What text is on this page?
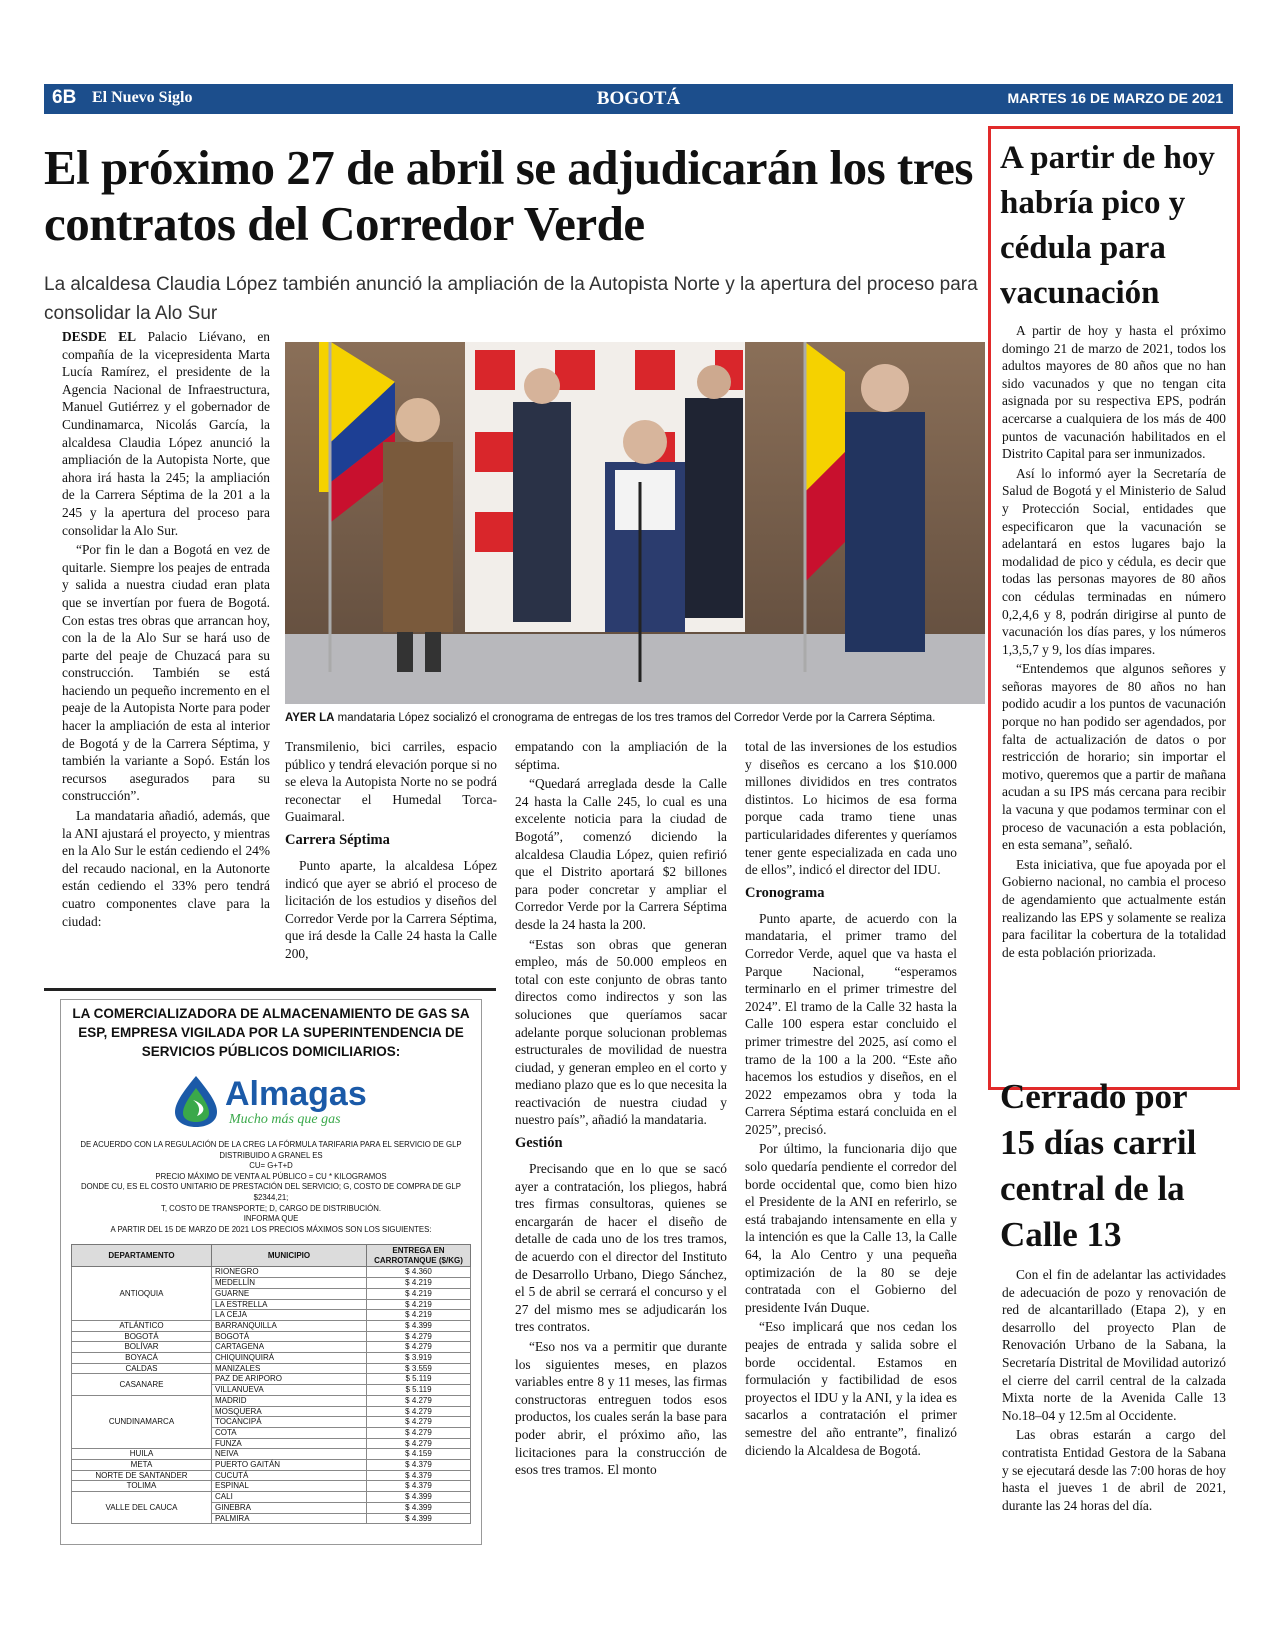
BOGOTÁ
6B El Nuevo Siglo	MARTES 16 DE MARZO DE 2021
El próximo 27 de abril se adjudicarán los tres contratos del Corredor Verde

La alcaldesa Claudia López también anunció la ampliación de la Autopista Norte y la apertura del proceso para consolidar la Alo Sur

DESDE EL Palacio Liévano, en compañía de la vicepresidenta Marta Lucía Ramírez, el presidente de la Agencia Nacional de Infraestructura, Manuel Gutiérrez y el gobernador de Cundinamarca, Nicolás García, la alcaldesa Claudia López anunció la ampliación de la Autopista Norte, que ahora irá hasta la 245; la ampliación de la Carrera Séptima de la 201 a la 245 y la apertura del proceso para consolidar la Alo Sur.

“Por fin le dan a Bogotá en vez de quitarle. Siempre los peajes de entrada y salida a nuestra ciudad eran plata que se invertían por fuera de Bogotá. Con estas tres obras que arrancan hoy, con la de la Alo Sur se hará uso de parte del peaje de Chuzacá para su construcción. También se está haciendo un pequeño incremento en el peaje de la Autopista Norte para poder hacer la ampliación de esta al interior de Bogotá y de la Carrera Séptima, y también la variante a Sopó. Están los recursos asegurados para su construcción”.

La mandataria añadió, además, que la ANI ajustará el proyecto, y mientras en la Alo Sur le están cediendo el 24% del recaudo nacional, en la Autonorte están cediendo el 33% pero tendrá cuatro componentes clave para la ciudad:

AYER LA mandataria López socializó el cronograma de entregas de los tres tramos del Corredor Verde por la Carrera Séptima.

Transmilenio, bici carriles, espacio público y tendrá elevación porque si no se eleva la Autopista Norte no se podrá reconectar el Humedal Torca-Guaimaral.

Carrera Séptima

Punto aparte, la alcaldesa López indicó que ayer se abrió el proceso de licitación de los estudios y diseños del Corredor Verde por la Carrera Séptima, que irá desde la Calle 24 hasta la Calle 200,

empatando con la ampliación de la séptima.

“Quedará arreglada desde la Calle 24 hasta la Calle 245, lo cual es una excelente noticia para la ciudad de Bogotá”, comenzó diciendo la alcaldesa Claudia López, quien refirió que el Distrito aportará $2 billones para poder concretar y ampliar el Corredor Verde por la Carrera Séptima desde la 24 hasta la 200.

“Estas son obras que generan empleo, más de 50.000 empleos en total con este conjunto de obras tanto directos como indirectos y son las soluciones que queríamos sacar adelante porque solucionan problemas estructurales de movilidad de nuestra ciudad, y generan empleo en el corto y mediano plazo que es lo que necesita la reactivación de nuestra ciudad y nuestro país”, añadió la mandataria.

Gestión

Precisando que en lo que se sacó ayer a contratación, los pliegos, habrá tres firmas consultoras, quienes se encargarán de hacer el diseño de detalle de cada uno de los tres tramos, de acuerdo con el director del Instituto de Desarrollo Urbano, Diego Sánchez, el 5 de abril se cerrará el concurso y el 27 del mismo mes se adjudicarán los tres contratos.

“Eso nos va a permitir que durante los siguientes meses, en plazos variables entre 8 y 11 meses, las firmas constructoras entreguen todos esos productos, los cuales serán la base para poder abrir, el próximo año, las licitaciones para la construcción de esos tres tramos. El monto

total de las inversiones de los estudios y diseños es cercano a los $10.000 millones divididos en tres contratos distintos. Lo hicimos de esa forma porque cada tramo tiene unas particularidades diferentes y queríamos tener gente especializada en cada uno de ellos”, indicó el director del IDU.

Cronograma

Punto aparte, de acuerdo con la mandataria, el primer tramo del Corredor Verde, aquel que va hasta el Parque Nacional, “esperamos terminarlo en el primer trimestre del 2024”. El tramo de la Calle 32 hasta la Calle 100 espera estar concluido el primer trimestre del 2025, así como el tramo de la 100 a la 200. “Este año hacemos los estudios y diseños, en el 2022 empezamos obra y toda la Carrera Séptima estará concluida en el 2025”, precisó.

Por último, la funcionaria dijo que solo quedaría pendiente el corredor del borde occidental que, como bien hizo el Presidente de la ANI en referirlo, se está trabajando intensamente en ella y la intención es que la Calle 13, la Calle 64, la Alo Centro y una pequeña optimización de la 80 se deje contratada con el Gobierno del presidente Iván Duque.

“Eso implicará que nos cedan los peajes de entrada y salida sobre el borde occidental. Estamos en formulación y factibilidad de esos proyectos el IDU y la ANI, y la idea es sacarlos a contratación el primer semestre del año entrante”, finalizó diciendo la Alcaldesa de Bogotá.

A partir de hoy habría pico y cédula para vacunación

A partir de hoy y hasta el próximo domingo 21 de marzo de 2021, todos los adultos mayores de 80 años que no han sido vacunados y que no tengan cita asignada por su respectiva EPS, podrán acercarse a cualquiera de los más de 400 puntos de vacunación habilitados en el Distrito Capital para ser inmunizados.

Así lo informó ayer la Secretaría de Salud de Bogotá y el Ministerio de Salud y Protección Social, entidades que especificaron que la vacunación se adelantará en estos lugares bajo la modalidad de pico y cédula, es decir que todas las personas mayores de 80 años con cédulas terminadas en número 0,2,4,6 y 8, podrán dirigirse al punto de vacunación los días pares, y los números 1,3,5,7 y 9, los días impares.

“Entendemos que algunos señores y señoras mayores de 80 años no han podido acudir a los puntos de vacunación porque no han podido ser agendados, por falta de actualización de datos o por restricción de horario; sin importar el motivo, queremos que a partir de mañana acudan a su IPS más cercana para recibir la vacuna y que podamos terminar con el proceso de vacunación a esta población, en esta semana”, señaló.

Esta iniciativa, que fue apoyada por el Gobierno nacional, no cambia el proceso de agendamiento que actualmente están realizando las EPS y solamente se realiza para facilitar la cobertura de la totalidad de esta población priorizada.

Cerrado por 15 días carril central de la Calle 13

Con el fin de adelantar las actividades de adecuación de pozo y renovación de red de alcantarillado (Etapa 2), y en desarrollo del proyecto Plan de Renovación Urbano de la Sabana, la Secretaría Distrital de Movilidad autorizó el cierre del carril central de la calzada Mixta norte de la Avenida Calle 13 No.18–04 y 12.5m al Occidente.

Las obras estarán a cargo del contratista Entidad Gestora de la Sabana y se ejecutará desde las 7:00 horas de hoy hasta el jueves 1 de abril de 2021, durante las 24 horas del día.

LA COMERCIALIZADORA DE ALMACENAMIENTO DE GAS SA ESP, EMPRESA VIGILADA POR LA SUPERINTENDENCIA DE SERVICIOS PÚBLICOS DOMICILIARIOS:
Almagas
Mucho más que gas
DE ACUERDO CON LA REGULACIÓN DE LA CREG LA FÓRMULA TARIFARIA PARA EL SERVICIO DE GLP DISTRIBUIDO A GRANEL ES
CU= G+T+D
PRECIO MÁXIMO DE VENTA AL PÚBLICO = CU * KILOGRAMOS
DONDE CU, ES EL COSTO UNITARIO DE PRESTACIÓN DEL SERVICIO; G, COSTO DE COMPRA DE GLP $2344,21;
T, COSTO DE TRANSPORTE; D, CARGO DE DISTRIBUCIÓN.
INFORMA QUE
A PARTIR DEL 15 DE MARZO DE 2021 LOS PRECIOS MÁXIMOS SON LOS SIGUIENTES:
DEPARTAMENTO	MUNICIPIO	ENTREGA EN CARROTANQUE ($/KG)
ANTIOQUIA	RIONEGRO	$ 4.360
	MEDELLÍN	$ 4.219
	GUARNE	$ 4.219
	LA ESTRELLA	$ 4.219
	LA CEJA	$ 4.219
ATLÁNTICO	BARRANQUILLA	$ 4.399
BOGOTÁ	BOGOTÁ	$ 4.279
BOLÍVAR	CARTAGENA	$ 4.279
BOYACÁ	CHIQUINQUIRÁ	$ 3.919
CALDAS	MANIZALES	$ 3.559
CASANARE	PAZ DE ARIPORO	$ 5.119
	VILLANUEVA	$ 5.119
CUNDINAMARCA	MADRID	$ 4.279
	MOSQUERA	$ 4.279
	TOCANCIPÁ	$ 4.279
	COTA	$ 4.279
	FUNZA	$ 4.279
HUILA	NEIVA	$ 4.159
META	PUERTO GAITÁN	$ 4.379
NORTE DE SANTANDER	CUCUTÁ	$ 4.379
TOLIMA	ESPINAL	$ 4.379
VALLE DEL CAUCA	CALI	$ 4.399
	GINEBRA	$ 4.399
	PALMIRA	$ 4.399
